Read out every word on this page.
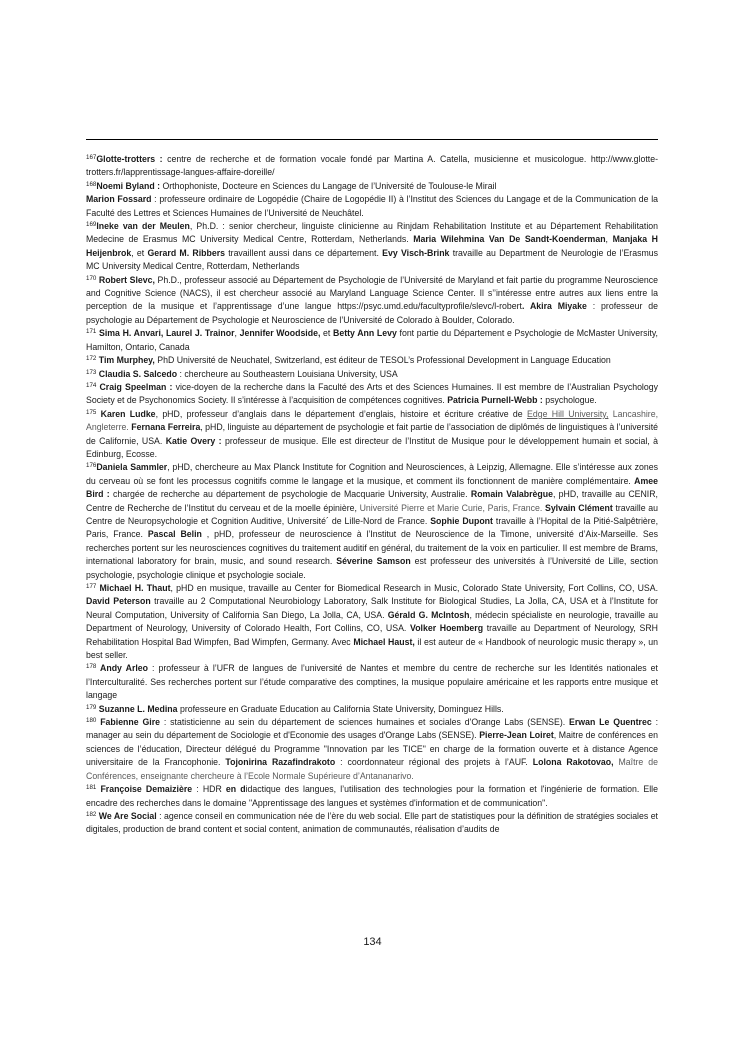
$^{167}$Glotte-trotters : centre de recherche et de formation vocale fondé par Martina A. Catella, musicienne et musicologue. http://www.glotte-trotters.fr/lapprentissage-langues-affaire-doreille/

$^{168}$Noemi Byland : Orthophoniste, Docteure en Sciences du Langage de l’Université de Toulouse-le Mirail

Marion Fossard : professeure ordinaire de Logopédie (Chaire de Logopédie II) à l’Institut des Sciences du Langage et de la Communication de la Faculté des Lettres et Sciences Humaines de l’Université de Neuchâtel.

$^{169}$Ineke van der Meulen, Ph.D. : senior chercheur, linguiste clinicienne au Rinjdam Rehabilitation Institute et au Département Rehabilitation Medecine de Erasmus MC University Medical Centre, Rotterdam, Netherlands. Maria Wilehmina Van De Sandt-Koenderman, Manjaka H Heijenbrok, et Gerard M. Ribbers travaillent aussi dans ce département. Evy Visch-Brink travaille au Department de Neurologie de l’Erasmus MC University Medical Centre, Rotterdam, Netherlands

$^{170}$ Robert Slevc, Ph.D., professeur associé au Département de Psychologie de l’Université de Maryland et fait partie du programme Neuroscience and Cognitive Science (NACS), il est chercheur associé au Maryland Language Science Center. Il s’’intéresse entre autres aux liens entre la perception de la musique et l’apprentissage d’une langue https://psyc.umd.edu/facultyprofile/slevc/l-robert. Akira Miyake : professeur de psychologie au Département de Psychologie et Neuroscience de l’Université de Colorado à Boulder, Colorado.

$^{171}$ Sima H. Anvari, Laurel J. Trainor, Jennifer Woodside, et Betty Ann Levy font partie du Département e Psychologie de McMaster University, Hamilton, Ontario, Canada

$^{172}$ Tim Murphey, PhD Université de Neuchatel, Switzerland, est éditeur de TESOL’s Professional Development in Language Education

$^{173}$ Claudia S. Salcedo : chercheure au Southeastern Louisiana University, USA

$^{174}$ Craig Speelman : vice-doyen de la recherche dans la Faculté des Arts et des Sciences Humaines. Il est membre de l’Australian Psychology Society et de Psychonomics Society. Il s’intéresse à l’acquisition de compétences cognitives. Patricia Purnell-Webb : psychologue.

$^{175}$ Karen Ludke, pHD, professeur d’anglais dans le département d’englais, histoire et écriture créative de Edge Hill University, Lancashire, Angleterre. Fernana Ferreira, pHD, linguiste au département de psychologie et fait partie de l’association de diplômés de linguistiques à l’université de Californie, USA. Katie Overy : professeur de musique. Elle est directeur de l’Institut de Musique pour le développement humain et social, à Edinburg, Ecosse.

$^{176}$Daniela Sammler, pHD, chercheure au Max Planck Institute for Cognition and Neurosciences, à Leipzig, Allemagne. Elle s’intéresse aux zones du cerveau où se font les processus cognitifs comme le langage et la musique, et comment ils fonctionnent de manière complémentaire. Amee Bird : chargée de recherche au département de psychologie de Macquarie University, Australie. Romain Valabrègue, pHD, travaille au CENIR, Centre de Recherche de l’Institut du cerveau et de la moelle épinière, Université Pierre et Marie Curie, Paris, France. Sylvain Clément travaille au Centre de Neuropsychologie et Cognition Auditive, Université´ de Lille-Nord de France. Sophie Dupont travaille à l’Hopital de la Pitié-Salpêtrière, Paris, France. Pascal Belin , pHD, professeur de neuroscience à l’Institut de Neuroscience de la Timone, université d’Aix-Marseille. Ses recherches portent sur les neurosciences cognitives du traitement auditif en général, du traitement de la voix en particulier. Il est membre de Brams, international laboratory for brain, music, and sound research. Séverine Samson est professeur des universités à l’Université de Lille, section psychologie, psychologie clinique et psychologie sociale.

$^{177}$ Michael H. Thaut, pHD en musique, travaille au Center for Biomedical Research in Music, Colorado State University, Fort Collins, CO, USA. David Peterson travaille au 2 Computational Neurobiology Laboratory, Salk Institute for Biological Studies, La Jolla, CA, USA et à l’Institute for Neural Computation, University of California San Diego, La Jolla, CA, USA. Gérald G. McIntosh, médecin spécialiste en neurologie, travaille au Department of Neurology, University of Colorado Health, Fort Collins, CO, USA. Volker Hoemberg travaille au Department of Neurology, SRH Rehabilitation Hospital Bad Wimpfen, Bad Wimpfen, Germany. Avec Michael Haust, il est auteur de « Handbook of neurologic music therapy », un best seller.

$^{178}$ Andy Arleo : professeur à l’UFR de langues de l’université de Nantes et membre du centre de recherche sur les Identités nationales et l’Interculturalité. Ses recherches portent sur l’étude comparative des comptines, la musique populaire américaine et les rapports entre musique et langage

$^{179}$ Suzanne L. Medina professeure en Graduate Education au California State University, Dominguez Hills.

$^{180}$ Fabienne Gire : statisticienne au sein du département de sciences humaines et sociales d'Orange Labs (SENSE). Erwan Le Quentrec : manager au sein du département de Sociologie et d'Economie des usages d'Orange Labs (SENSE). Pierre-Jean Loiret, Maitre de conférences en sciences de l’éducation, Directeur délégué du Programme "Innovation par les TICE" en charge de la formation ouverte et à distance Agence universitaire de la Francophonie. Tojonirina Razafindrakoto : coordonnateur régional des projets à l’AUF. Lolona Rakotovao, Maître de Conférences, enseignante chercheure à l’Ecole Normale Supérieure d’Antananarivo.

$^{181}$ Françoise Demaizière : HDR en didactique des langues, l’utilisation des technologies pour la formation et l'ingénierie de formation. Elle encadre des recherches dans le domaine "Apprentissage des langues et systèmes d'information et de communication".

$^{182}$ We Are Social : agence conseil en communication née de l’ère du web social. Elle part de statistiques pour la définition de stratégies sociales et digitales, production de brand content et social content, animation de communautés, réalisation d’audits de

134
